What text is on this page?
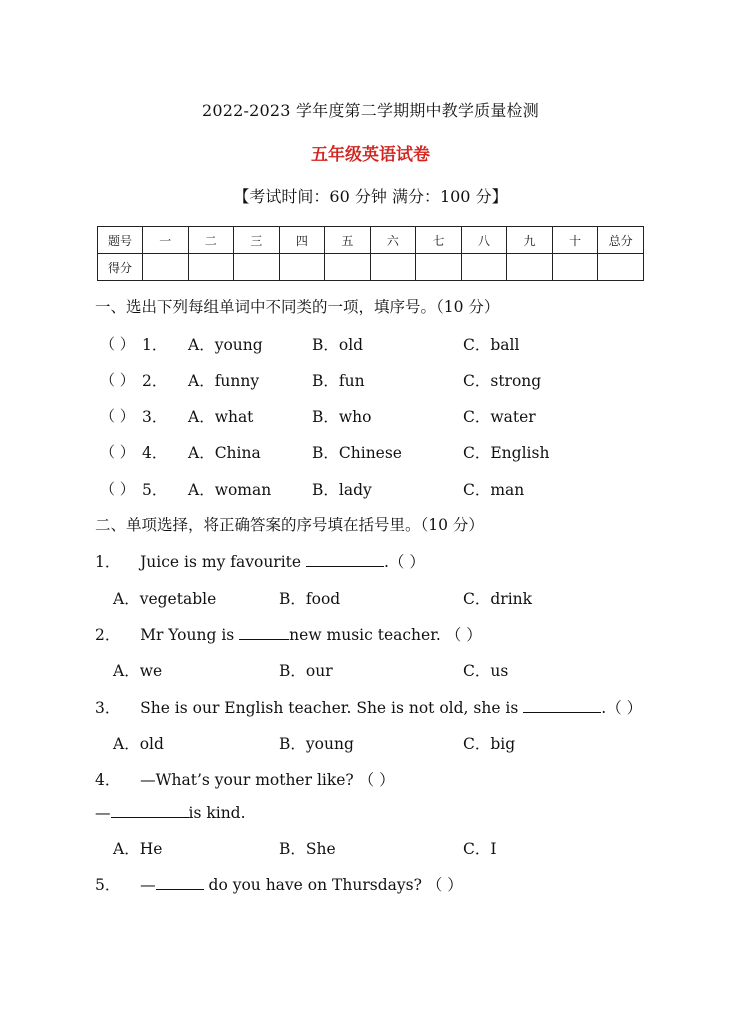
2022-2023 学年度第二学期期中教学质量检测
五年级英语试卷
【考试时间：60 分钟 满分：100 分】
题号	一	二	三	四	五	六	七	八	九	十	总分
得分											
一、选出下列每组单词中不同类的一项，填序号。（10 分）
（ ） 1． A．young	B．old	C．ball
（ ） 2． A．funny	B．fun	C．strong
（ ） 3． A．what	B．who	C．water
（ ） 4． A．China	B．Chinese	C．English
（ ） 5． A．woman	B．lady	C．man
二、单项选择，将正确答案的序号填在括号里。（10 分）
1． Juice is my favourite	.（ ）
A．vegetable	B．food	C．drink
2． Mr Young is	new music teacher. （ ）
A．we	B．our	C．us
3． She is our English teacher. She is not old, she is	.（ ）
A．old	B．young	C．big
4． —What’s your mother like? （ ）
—	is kind.
A．He	B．She	C．I
5． —	do you have on Thursdays? （ ）
